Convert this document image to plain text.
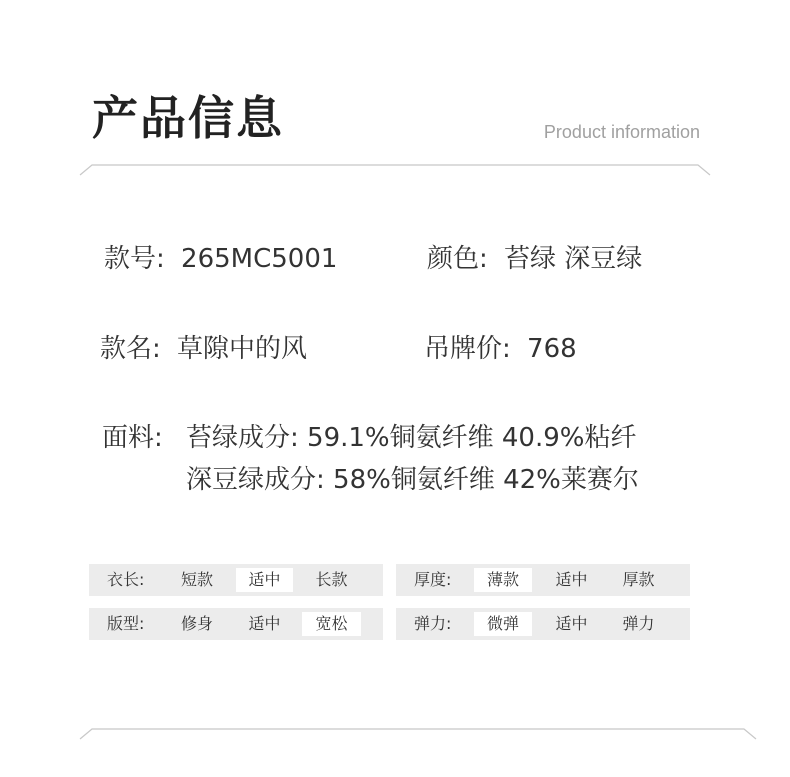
产品信息	Product information
款号: 265MC5001	颜色: 苔绿 深豆绿
款名: 草隙中的风	吊牌价: 768
面料: 苔绿成分: 59.1%铜氨纤维 40.9%粘纤
深豆绿成分: 58%铜氨纤维 42%莱赛尔
衣长:	短款	适中	长款	厚度:	薄款	适中	厚款
版型:	修身	适中	宽松	弹力:	微弹	适中	弹力
